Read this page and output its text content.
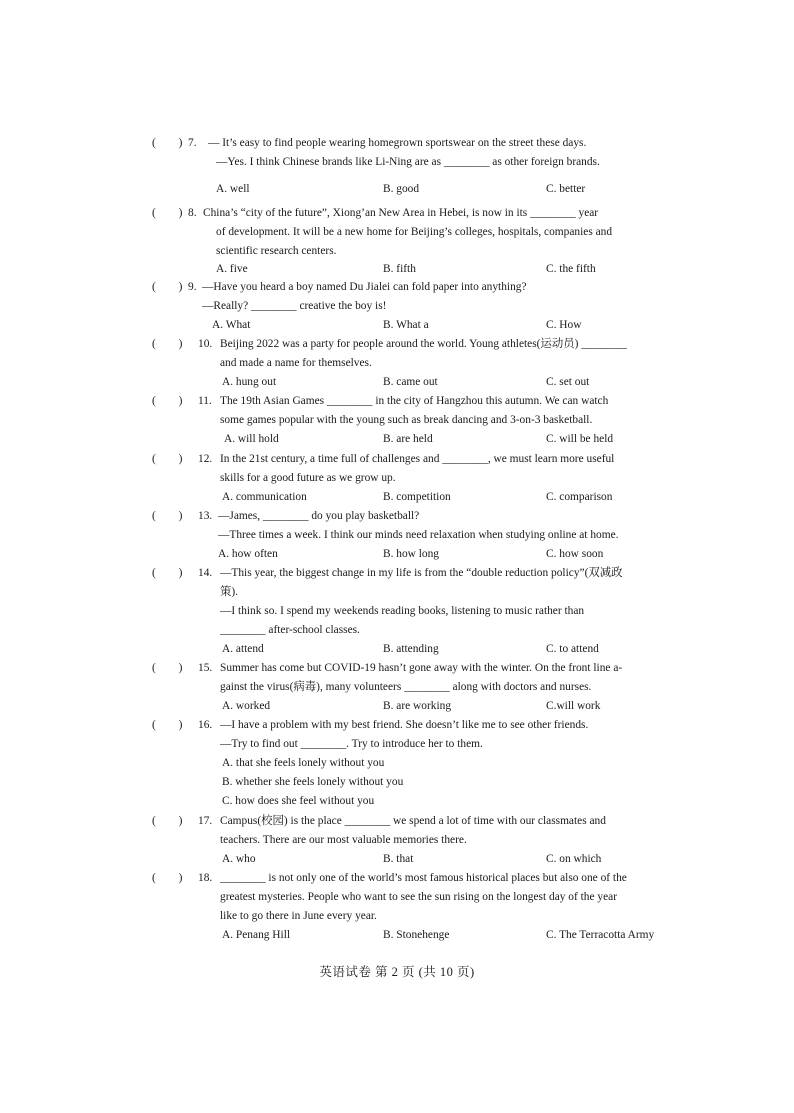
(        ) 7. — It’s easy to find people wearing homegrown sportswear on the street these days.
—Yes. I think Chinese brands like Li-Ning are as ________ as other foreign brands.
A. well	B. good	C. better
(        ) 8. China’s “city of the future”, Xiong’an New Area in Hebei, is now in its ________ year
of development. It will be a new home for Beijing’s colleges, hospitals, companies and
scientific research centers.
A. five	B. fifth	C. the fifth
(        ) 9. —Have you heard a boy named Du Jialei can fold paper into anything?
—Really? ________ creative the boy is!
A. What	B. What a	C. How
(        ) 10. Beijing 2022 was a party for people around the world. Young athletes(运动员) ________
and made a name for themselves.
A. hung out	B. came out	C. set out
(        ) 11. The 19th Asian Games ________ in the city of Hangzhou this autumn. We can watch
some games popular with the young such as break dancing and 3-on-3 basketball.
A. will hold	B. are held	C. will be held
(        ) 12. In the 21st century, a time full of challenges and ________, we must learn more useful
skills for a good future as we grow up.
A. communication	B. competition	C. comparison
(        ) 13. —James, ________ do you play basketball?
—Three times a week. I think our minds need relaxation when studying online at home.
A. how often	B. how long	C. how soon
(        ) 14. —This year, the biggest change in my life is from the “double reduction policy”(双减政
策).
—I think so. I spend my weekends reading books, listening to music rather than
________ after-school classes.
A. attend	B. attending	C. to attend
(        ) 15. Summer has come but COVID-19 hasn’t gone away with the winter. On the front line a-
gainst the virus(病毒), many volunteers ________ along with doctors and nurses.
A. worked	B. are working	C.will work
(        ) 16. —I have a problem with my best friend. She doesn’t like me to see other friends.
—Try to find out ________. Try to introduce her to them.
A. that she feels lonely without you
B. whether she feels lonely without you
C. how does she feel without you
(        ) 17. Campus(校园) is the place ________ we spend a lot of time with our classmates and
teachers. There are our most valuable memories there.
A. who	B. that	C. on which
(        ) 18. ________ is not only one of the world’s most famous historical places but also one of the
greatest mysteries. People who want to see the sun rising on the longest day of the year
like to go there in June every year.
A. Penang Hill	B. Stonehenge	C. The Terracotta Army
英语试卷 第 2 页 (共 10 页)
